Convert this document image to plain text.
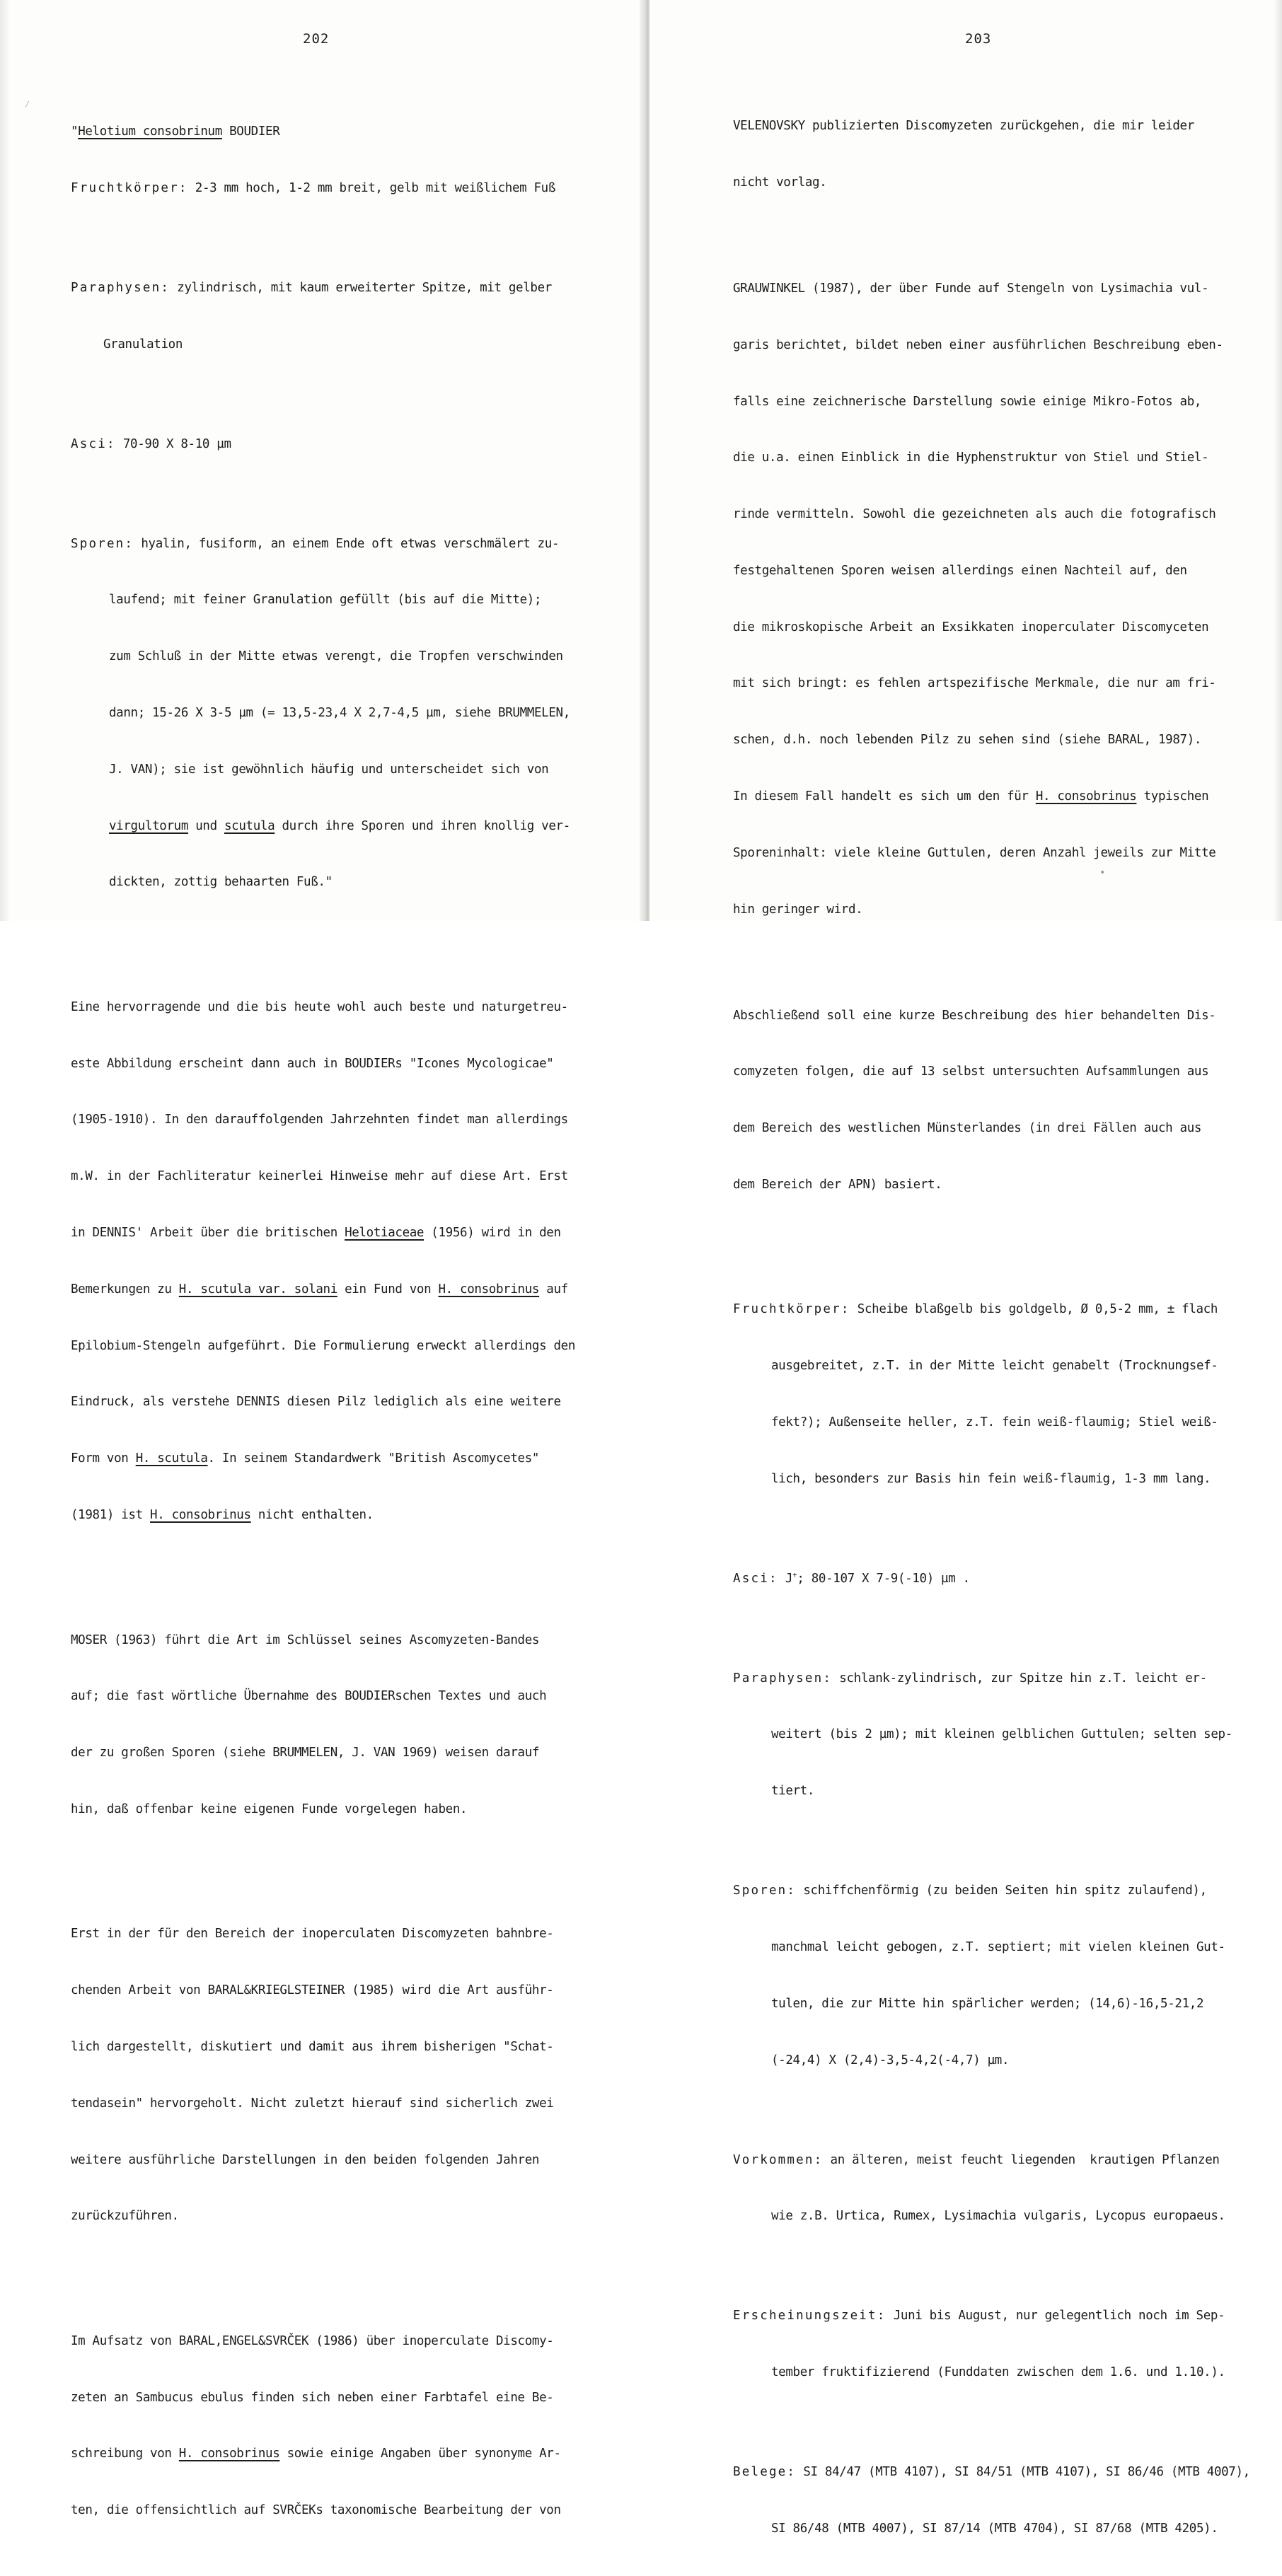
202

"Helotium consobrinum BOUDIER

Fruchtkörper: 2-3 mm hoch, 1-2 mm breit, gelb mit weißlichem Fuß

Paraphysen: zylindrisch, mit kaum erweiterter Spitze, mit gelber

Granulation

Asci: 70-90 X 8-10 µm

Sporen: hyalin, fusiform, an einem Ende oft etwas verschmälert zu-

laufend; mit feiner Granulation gefüllt (bis auf die Mitte);

zum Schluß in der Mitte etwas verengt, die Tropfen verschwinden

dann; 15-26 X 3-5 µm (= 13,5-23,4 X 2,7-4,5 µm, siehe BRUMMELEN,

J. VAN); sie ist gewöhnlich häufig und unterscheidet sich von

virgultorum und scutula durch ihre Sporen und ihren knollig ver-

dickten, zottig behaarten Fuß."

Eine hervorragende und die bis heute wohl auch beste und naturgetreu-

este Abbildung erscheint dann auch in BOUDIERs "Icones Mycologicae"

(1905-1910). In den darauffolgenden Jahrzehnten findet man allerdings

m.W. in der Fachliteratur keinerlei Hinweise mehr auf diese Art. Erst

in DENNIS' Arbeit über die britischen Helotiaceae (1956) wird in den

Bemerkungen zu H. scutula var. solani ein Fund von H. consobrinus auf

Epilobium-Stengeln aufgeführt. Die Formulierung erweckt allerdings den

Eindruck, als verstehe DENNIS diesen Pilz lediglich als eine weitere

Form von H. scutula. In seinem Standardwerk "British Ascomycetes"

(1981) ist H. consobrinus nicht enthalten.

MOSER (1963) führt die Art im Schlüssel seines Ascomyzeten-Bandes

auf; die fast wörtliche Übernahme des BOUDIERschen Textes und auch

der zu großen Sporen (siehe BRUMMELEN, J. VAN 1969) weisen darauf

hin, daß offenbar keine eigenen Funde vorgelegen haben.

Erst in der für den Bereich der inoperculaten Discomyzeten bahnbre-

chenden Arbeit von BARAL&KRIEGLSTEINER (1985) wird die Art ausführ-

lich dargestellt, diskutiert und damit aus ihrem bisherigen "Schat-

tendasein" hervorgeholt. Nicht zuletzt hierauf sind sicherlich zwei

weitere ausführliche Darstellungen in den beiden folgenden Jahren

zurückzuführen.

Im Aufsatz von BARAL,ENGEL&SVRČEK (1986) über inoperculate Discomy-

zeten an Sambucus ebulus finden sich neben einer Farbtafel eine Be-

schreibung von H. consobrinus sowie einige Angaben über synonyme Ar-

ten, die offensichtlich auf SVRČEKs taxonomische Bearbeitung der von

⁄
203

VELENOVSKY publizierten Discomyzeten zurückgehen, die mir leider

nicht vorlag.

GRAUWINKEL (1987), der über Funde auf Stengeln von Lysimachia vul-

garis berichtet, bildet neben einer ausführlichen Beschreibung eben-

falls eine zeichnerische Darstellung sowie einige Mikro-Fotos ab,

die u.a. einen Einblick in die Hyphenstruktur von Stiel und Stiel-

rinde vermitteln. Sowohl die gezeichneten als auch die fotografisch

festgehaltenen Sporen weisen allerdings einen Nachteil auf, den

die mikroskopische Arbeit an Exsikkaten inoperculater Discomyceten

mit sich bringt: es fehlen artspezifische Merkmale, die nur am fri-

schen, d.h. noch lebenden Pilz zu sehen sind (siehe BARAL, 1987).

In diesem Fall handelt es sich um den für H. consobrinus typischen

Sporeninhalt: viele kleine Guttulen, deren Anzahl jeweils zur Mitte

hin geringer wird.

Abschließend soll eine kurze Beschreibung des hier behandelten Dis-

comyzeten folgen, die auf 13 selbst untersuchten Aufsammlungen aus

dem Bereich des westlichen Münsterlandes (in drei Fällen auch aus

dem Bereich der APN) basiert.

Fruchtkörper: Scheibe blaßgelb bis goldgelb, Ø 0,5-2 mm, ± flach

ausgebreitet, z.T. in der Mitte leicht genabelt (Trocknungsef-

fekt?); Außenseite heller, z.T. fein weiß-flaumig; Stiel weiß-

lich, besonders zur Basis hin fein weiß-flaumig, 1-3 mm lang.

Asci: J+; 80-107 X 7-9(-10) µm .

Paraphysen: schlank-zylindrisch, zur Spitze hin z.T. leicht er-

weitert (bis 2 µm); mit kleinen gelblichen Guttulen; selten sep-

tiert.

Sporen: schiffchenförmig (zu beiden Seiten hin spitz zulaufend),

manchmal leicht gebogen, z.T. septiert; mit vielen kleinen Gut-

tulen, die zur Mitte hin spärlicher werden; (14,6)-16,5-21,2

(-24,4) X (2,4)-3,5-4,2(-4,7) µm.

Vorkommen: an älteren, meist feucht liegenden  krautigen Pflanzen

wie z.B. Urtica, Rumex, Lysimachia vulgaris, Lycopus europaeus.

Erscheinungszeit: Juni bis August, nur gelegentlich noch im Sep-

tember fruktifizierend (Funddaten zwischen dem 1.6. und 1.10.).

Belege: SI 84/47 (MTB 4107), SI 84/51 (MTB 4107), SI 86/46 (MTB 4007),

SI 86/48 (MTB 4007), SI 87/14 (MTB 4704), SI 87/68 (MTB 4205).

•
